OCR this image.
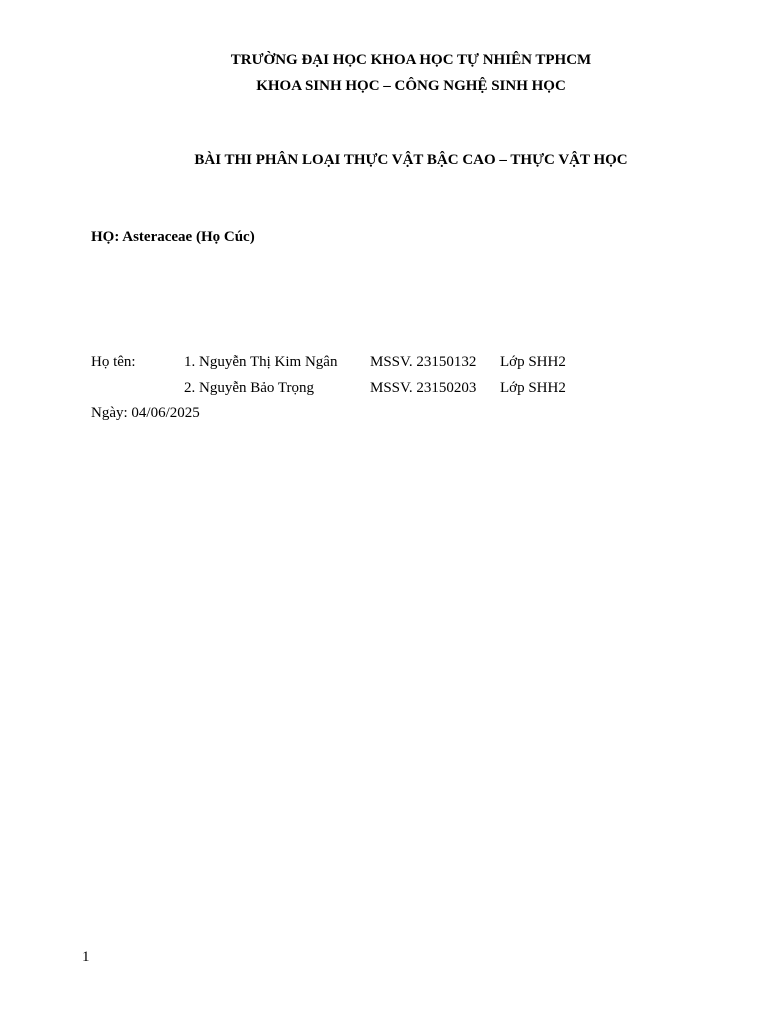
TRƯỜNG ĐẠI HỌC KHOA HỌC TỰ NHIÊN TPHCM
KHOA SINH HỌC – CÔNG NGHỆ SINH HỌC
BÀI THI PHÂN LOẠI THỰC VẬT BẬC CAO – THỰC VẬT HỌC
HỌ: Asteraceae (Họ Cúc)
Họ tên:	1. Nguyễn Thị Kim Ngân MSSV. 23150132 Lớp SHH2
2. Nguyễn Bảo Trọng	MSSV. 23150203 Lớp SHH2
Ngày: 04/06/2025
1
